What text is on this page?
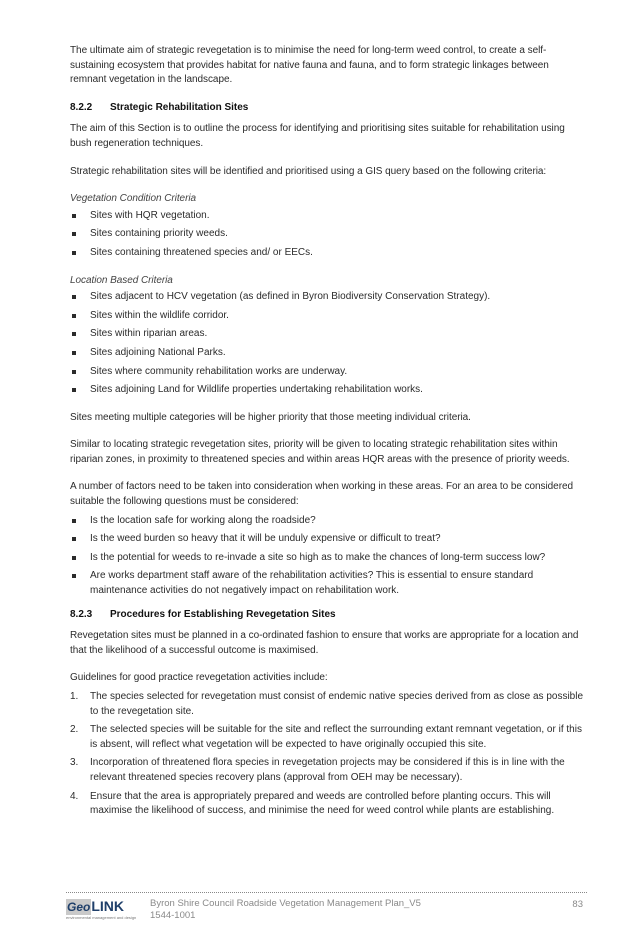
The ultimate aim of strategic revegetation is to minimise the need for long-term weed control, to create a self-sustaining ecosystem that provides habitat for native fauna and fauna, and to form strategic linkages between remnant vegetation in the landscape.

8.2.2 Strategic Rehabilitation Sites

The aim of this Section is to outline the process for identifying and prioritising sites suitable for rehabilitation using bush regeneration techniques.

Strategic rehabilitation sites will be identified and prioritised using a GIS query based on the following criteria:

Vegetation Condition Criteria

Sites with HQR vegetation.
Sites containing priority weeds.
Sites containing threatened species and/ or EECs.

Location Based Criteria

Sites adjacent to HCV vegetation (as defined in Byron Biodiversity Conservation Strategy).
Sites within the wildlife corridor.
Sites within riparian areas.
Sites adjoining National Parks.
Sites where community rehabilitation works are underway.
Sites adjoining Land for Wildlife properties undertaking rehabilitation works.

Sites meeting multiple categories will be higher priority that those meeting individual criteria.

Similar to locating strategic revegetation sites, priority will be given to locating strategic rehabilitation sites within riparian zones, in proximity to threatened species and within areas HQR areas with the presence of priority weeds.

A number of factors need to be taken into consideration when working in these areas. For an area to be considered suitable the following questions must be considered:

Is the location safe for working along the roadside?
Is the weed burden so heavy that it will be unduly expensive or difficult to treat?
Is the potential for weeds to re-invade a site so high as to make the chances of long-term success low?
Are works department staff aware of the rehabilitation activities? This is essential to ensure standard maintenance activities do not negatively impact on rehabilitation work.
8.2.3 Procedures for Establishing Revegetation Sites

Revegetation sites must be planned in a co-ordinated fashion to ensure that works are appropriate for a location and that the likelihood of a successful outcome is maximised.

Guidelines for good practice revegetation activities include:

1. The species selected for revegetation must consist of endemic native species derived from as close as possible to the revegetation site.
2. The selected species will be suitable for the site and reflect the surrounding extant remnant vegetation, or if this is absent, will reflect what vegetation will be expected to have originally occupied this site.
3. Incorporation of threatened flora species in revegetation projects may be considered if this is in line with the relevant threatened species recovery plans (approval from OEH may be necessary).
4. Ensure that the area is appropriately prepared and weeds are controlled before planting occurs. This will maximise the likelihood of success, and minimise the need for weed control while plants are establishing.
GeoLINK
environmental management and design
Byron Shire Council Roadside Vegetation Management Plan_V5
1544-1001
83
